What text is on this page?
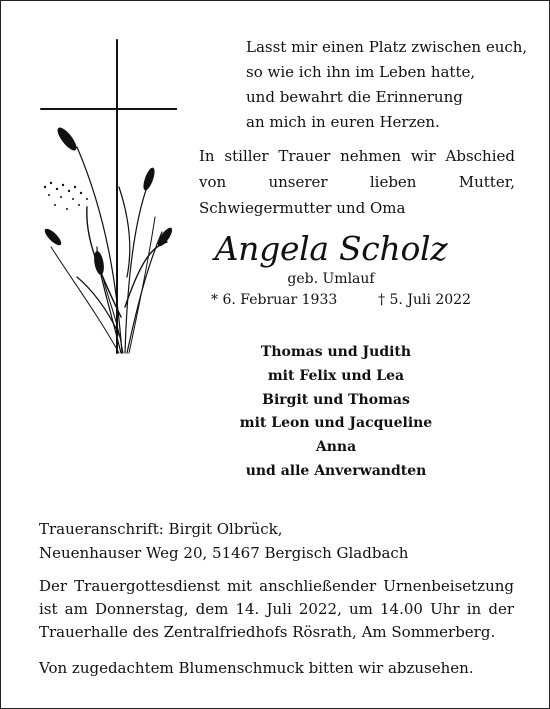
Lasst mir einen Platz zwischen euch,
so wie ich ihn im Leben hatte,
und bewahrt die Erinnerung
an mich in euren Herzen.
In stiller Trauer nehmen wir Abschied von unserer lieben Mutter, Schwiegermutter und Oma
Angela Scholz
geb. Umlauf
* 6. Februar 1933	† 5. Juli 2022
Thomas und Judith
mit Felix und Lea
Birgit und Thomas
mit Leon und Jacqueline
Anna
und alle Anverwandten
Traueranschrift: Birgit Olbrück,
Neuenhauser Weg 20, 51467 Bergisch Gladbach
Der Trauergottesdienst mit anschließender Urnenbeisetzung ist am Donnerstag, dem 14. Juli 2022, um 14.00 Uhr in der Trauerhalle des Zentralfriedhofs Rösrath, Am Sommerberg.
Von zugedachtem Blumenschmuck bitten wir abzusehen.
